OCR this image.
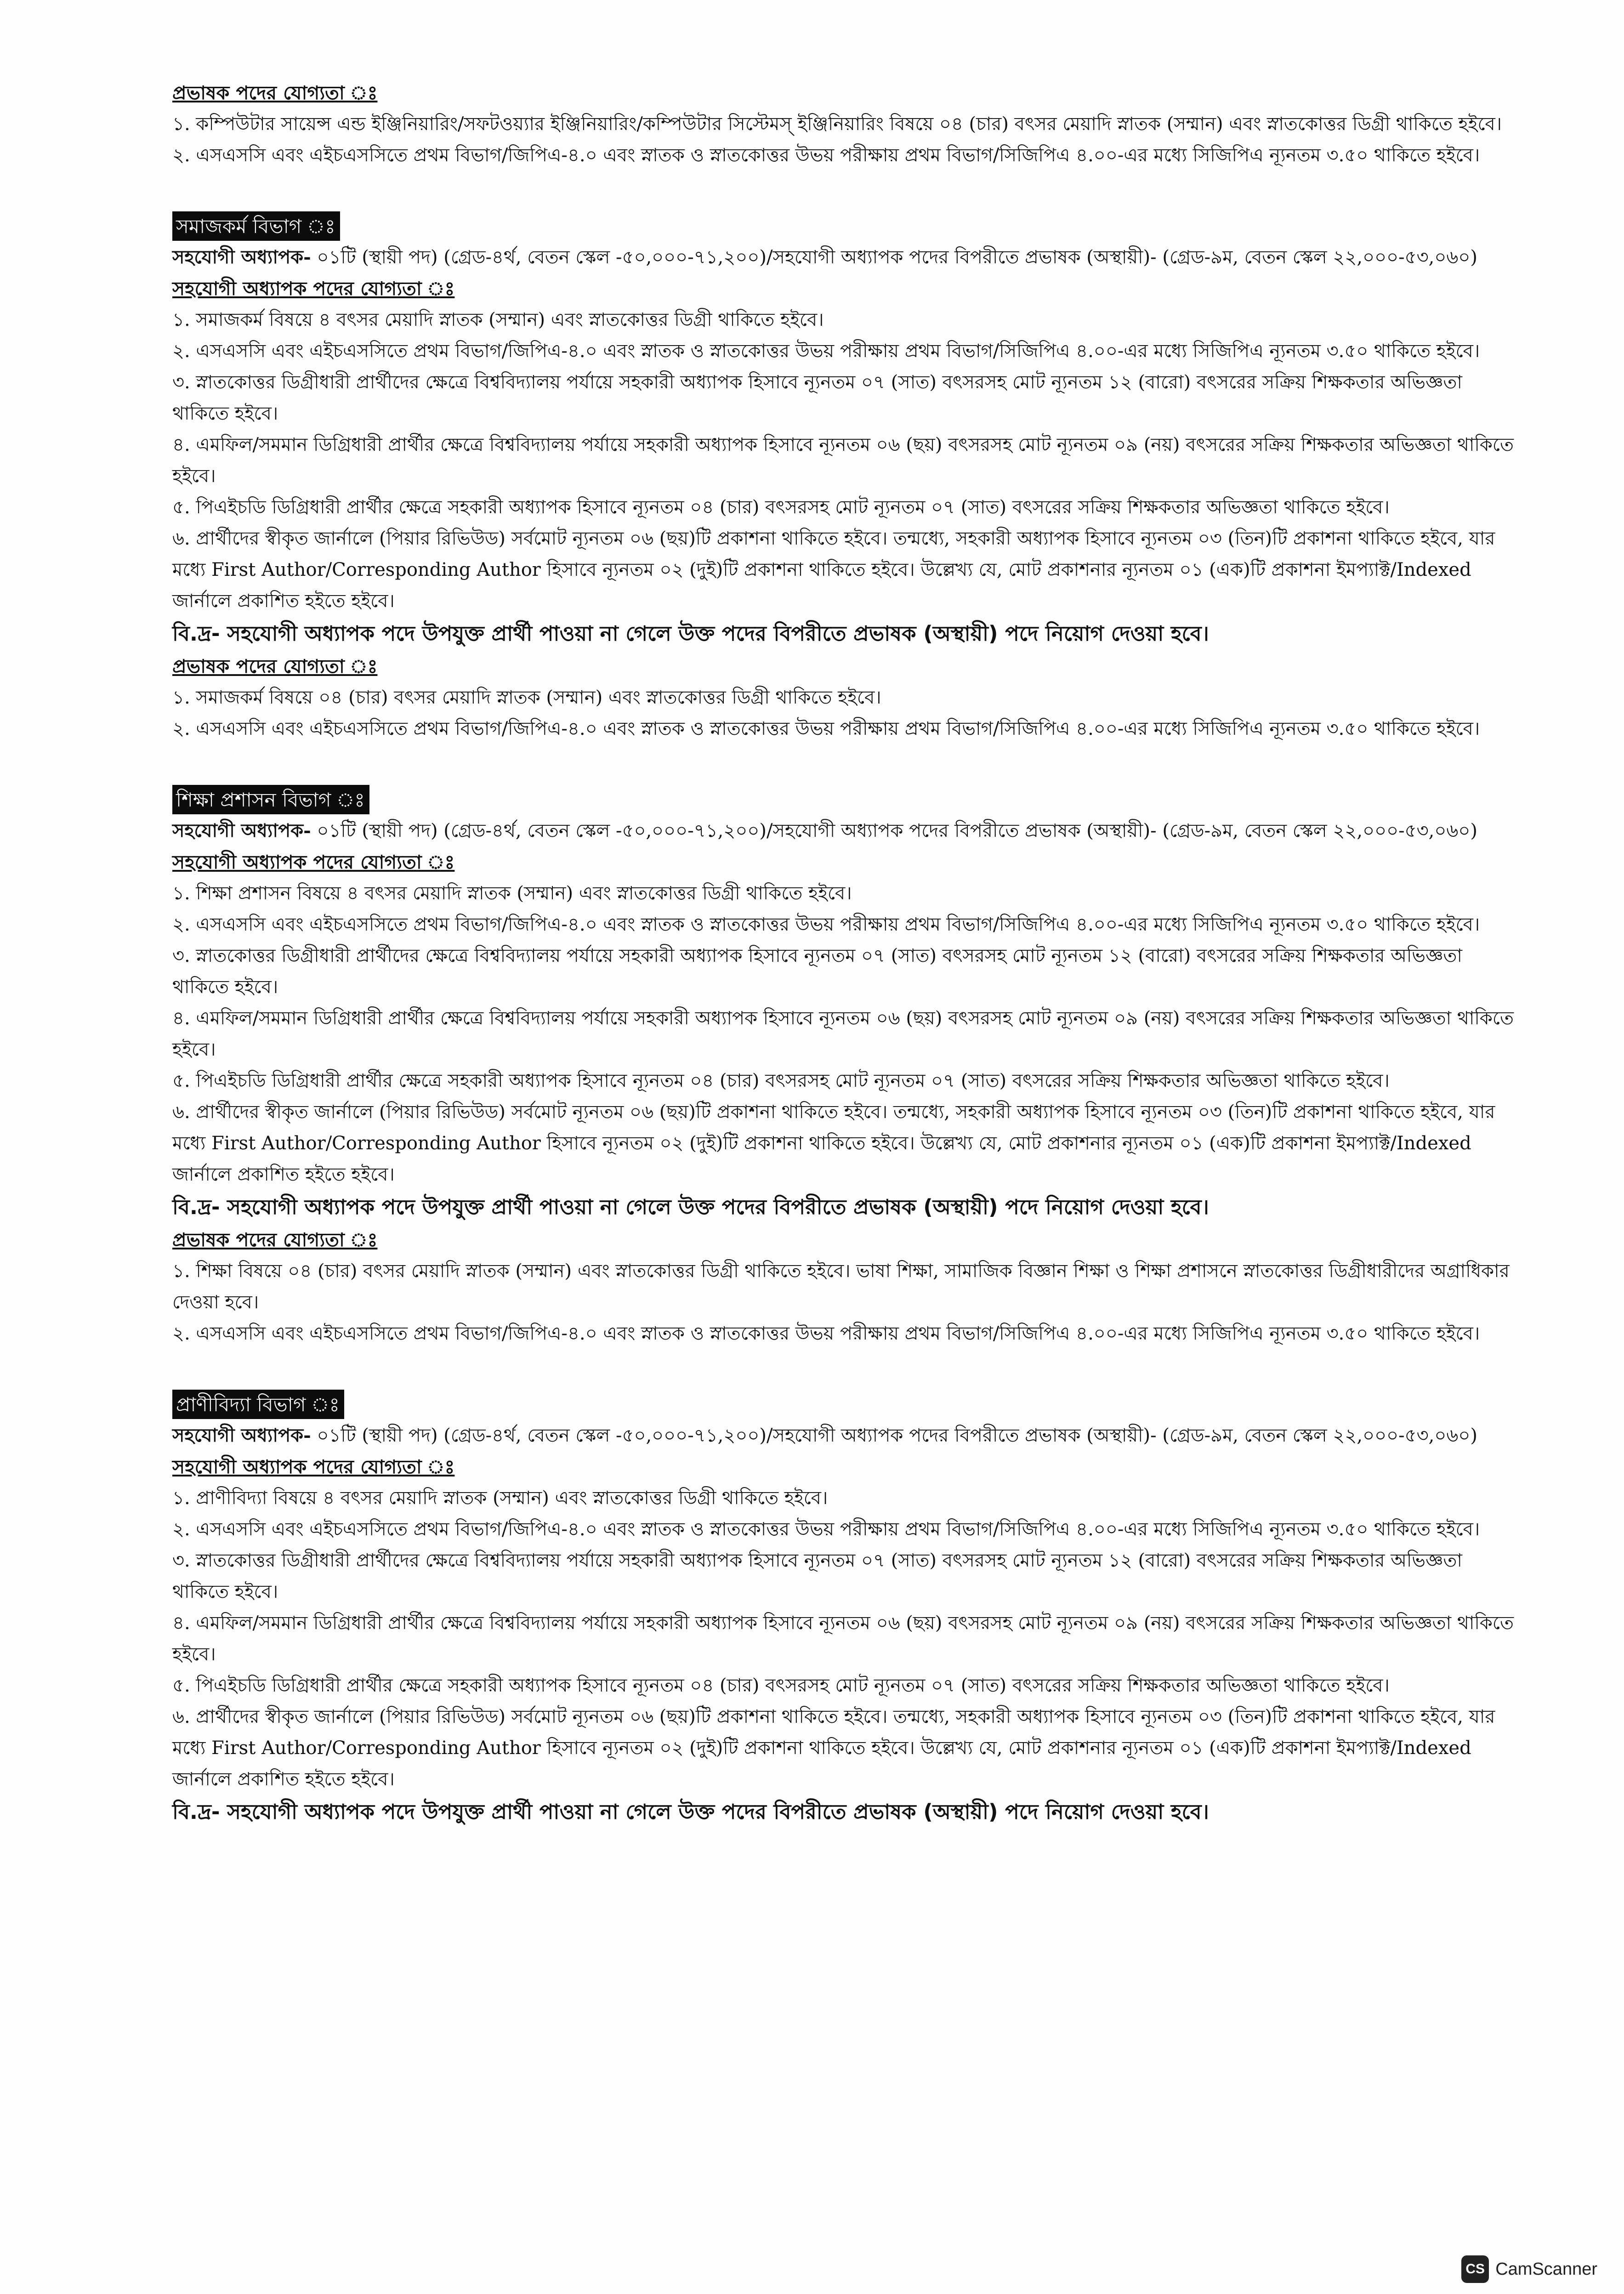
প্রভাষক পদের যোগ্যতা ঃ

১. কম্পিউটার সায়েন্স এন্ড ইঞ্জিনিয়ারিং/সফটওয়্যার ইঞ্জিনিয়ারিং/কম্পিউটার সিস্টেমস্ ইঞ্জিনিয়ারিং বিষয়ে ০৪ (চার) বৎসর মেয়াদি স্নাতক (সম্মান) এবং স্নাতকোত্তর ডিগ্রী থাকিতে হইবে।

২. এসএসসি এবং এইচএসসিতে প্রথম বিভাগ/জিপিএ-৪.০ এবং স্নাতক ও স্নাতকোত্তর উভয় পরীক্ষায় প্রথম বিভাগ/সিজিপিএ ৪.০০-এর মধ্যে সিজিপিএ ন্যূনতম ৩.৫০ থাকিতে হইবে।

সমাজকর্ম বিভাগ ঃ

সহযোগী অধ্যাপক- ০১টি (স্থায়ী পদ) (গ্রেড-৪র্থ, বেতন স্কেল -৫০,০০০-৭১,২০০)/সহযোগী অধ্যাপক পদের বিপরীতে প্রভাষক (অস্থায়ী)- (গ্রেড-৯ম, বেতন স্কেল ২২,০০০-৫৩,০৬০)

সহযোগী অধ্যাপক পদের যোগ্যতা ঃ

১. সমাজকর্ম বিষয়ে ৪ বৎসর মেয়াদি স্নাতক (সম্মান) এবং স্নাতকোত্তর ডিগ্রী থাকিতে হইবে।

২. এসএসসি এবং এইচএসসিতে প্রথম বিভাগ/জিপিএ-৪.০ এবং স্নাতক ও স্নাতকোত্তর উভয় পরীক্ষায় প্রথম বিভাগ/সিজিপিএ ৪.০০-এর মধ্যে সিজিপিএ ন্যূনতম ৩.৫০ থাকিতে হইবে।

৩. স্নাতকোত্তর ডিগ্রীধারী প্রার্থীদের ক্ষেত্রে বিশ্ববিদ্যালয় পর্যায়ে সহকারী অধ্যাপক হিসাবে ন্যূনতম ০৭ (সাত) বৎসরসহ মোট ন্যূনতম ১২ (বারো) বৎসরের সক্রিয় শিক্ষকতার অভিজ্ঞতা থাকিতে হইবে।

৪. এমফিল/সমমান ডিগ্রিধারী প্রার্থীর ক্ষেত্রে বিশ্ববিদ্যালয় পর্যায়ে সহকারী অধ্যাপক হিসাবে ন্যূনতম ০৬ (ছয়) বৎসরসহ মোট ন্যূনতম ০৯ (নয়) বৎসরের সক্রিয় শিক্ষকতার অভিজ্ঞতা থাকিতে হইবে।

৫. পিএইচডি ডিগ্রিধারী প্রার্থীর ক্ষেত্রে সহকারী অধ্যাপক হিসাবে ন্যূনতম ০৪ (চার) বৎসরসহ মোট ন্যূনতম ০৭ (সাত) বৎসরের সক্রিয় শিক্ষকতার অভিজ্ঞতা থাকিতে হইবে।

৬. প্রার্থীদের স্বীকৃত জার্নালে (পিয়ার রিভিউড) সর্বমোট ন্যূনতম ০৬ (ছয়)টি প্রকাশনা থাকিতে হইবে। তন্মধ্যে, সহকারী অধ্যাপক হিসাবে ন্যূনতম ০৩ (তিন)টি প্রকাশনা থাকিতে হইবে, যার মধ্যে First Author/Corresponding Author হিসাবে ন্যূনতম ০২ (দুই)টি প্রকাশনা থাকিতে হইবে। উল্লেখ্য যে, মোট প্রকাশনার ন্যূনতম ০১ (এক)টি প্রকাশনা ইমপ্যাক্ট/Indexed জার্নালে প্রকাশিত হইতে হইবে।

বি.দ্র- সহযোগী অধ্যাপক পদে উপযুক্ত প্রার্থী পাওয়া না গেলে উক্ত পদের বিপরীতে প্রভাষক (অস্থায়ী) পদে নিয়োগ দেওয়া হবে।

প্রভাষক পদের যোগ্যতা ঃ

১. সমাজকর্ম বিষয়ে ০৪ (চার) বৎসর মেয়াদি স্নাতক (সম্মান) এবং স্নাতকোত্তর ডিগ্রী থাকিতে হইবে।

২. এসএসসি এবং এইচএসসিতে প্রথম বিভাগ/জিপিএ-৪.০ এবং স্নাতক ও স্নাতকোত্তর উভয় পরীক্ষায় প্রথম বিভাগ/সিজিপিএ ৪.০০-এর মধ্যে সিজিপিএ ন্যূনতম ৩.৫০ থাকিতে হইবে।

শিক্ষা প্রশাসন বিভাগ ঃ

সহযোগী অধ্যাপক- ০১টি (স্থায়ী পদ) (গ্রেড-৪র্থ, বেতন স্কেল -৫০,০০০-৭১,২০০)/সহযোগী অধ্যাপক পদের বিপরীতে প্রভাষক (অস্থায়ী)- (গ্রেড-৯ম, বেতন স্কেল ২২,০০০-৫৩,০৬০)

সহযোগী অধ্যাপক পদের যোগ্যতা ঃ

১. শিক্ষা প্রশাসন বিষয়ে ৪ বৎসর মেয়াদি স্নাতক (সম্মান) এবং স্নাতকোত্তর ডিগ্রী থাকিতে হইবে।

২. এসএসসি এবং এইচএসসিতে প্রথম বিভাগ/জিপিএ-৪.০ এবং স্নাতক ও স্নাতকোত্তর উভয় পরীক্ষায় প্রথম বিভাগ/সিজিপিএ ৪.০০-এর মধ্যে সিজিপিএ ন্যূনতম ৩.৫০ থাকিতে হইবে।

৩. স্নাতকোত্তর ডিগ্রীধারী প্রার্থীদের ক্ষেত্রে বিশ্ববিদ্যালয় পর্যায়ে সহকারী অধ্যাপক হিসাবে ন্যূনতম ০৭ (সাত) বৎসরসহ মোট ন্যূনতম ১২ (বারো) বৎসরের সক্রিয় শিক্ষকতার অভিজ্ঞতা থাকিতে হইবে।

৪. এমফিল/সমমান ডিগ্রিধারী প্রার্থীর ক্ষেত্রে বিশ্ববিদ্যালয় পর্যায়ে সহকারী অধ্যাপক হিসাবে ন্যূনতম ০৬ (ছয়) বৎসরসহ মোট ন্যূনতম ০৯ (নয়) বৎসরের সক্রিয় শিক্ষকতার অভিজ্ঞতা থাকিতে হইবে।

৫. পিএইচডি ডিগ্রিধারী প্রার্থীর ক্ষেত্রে সহকারী অধ্যাপক হিসাবে ন্যূনতম ০৪ (চার) বৎসরসহ মোট ন্যূনতম ০৭ (সাত) বৎসরের সক্রিয় শিক্ষকতার অভিজ্ঞতা থাকিতে হইবে।

৬. প্রার্থীদের স্বীকৃত জার্নালে (পিয়ার রিভিউড) সর্বমোট ন্যূনতম ০৬ (ছয়)টি প্রকাশনা থাকিতে হইবে। তন্মধ্যে, সহকারী অধ্যাপক হিসাবে ন্যূনতম ০৩ (তিন)টি প্রকাশনা থাকিতে হইবে, যার মধ্যে First Author/Corresponding Author হিসাবে ন্যূনতম ০২ (দুই)টি প্রকাশনা থাকিতে হইবে। উল্লেখ্য যে, মোট প্রকাশনার ন্যূনতম ০১ (এক)টি প্রকাশনা ইমপ্যাক্ট/Indexed জার্নালে প্রকাশিত হইতে হইবে।

বি.দ্র- সহযোগী অধ্যাপক পদে উপযুক্ত প্রার্থী পাওয়া না গেলে উক্ত পদের বিপরীতে প্রভাষক (অস্থায়ী) পদে নিয়োগ দেওয়া হবে।

প্রভাষক পদের যোগ্যতা ঃ

১. শিক্ষা বিষয়ে ০৪ (চার) বৎসর মেয়াদি স্নাতক (সম্মান) এবং স্নাতকোত্তর ডিগ্রী থাকিতে হইবে। ভাষা শিক্ষা, সামাজিক বিজ্ঞান শিক্ষা ও শিক্ষা প্রশাসনে স্নাতকোত্তর ডিগ্রীধারীদের অগ্রাধিকার দেওয়া হবে।

২. এসএসসি এবং এইচএসসিতে প্রথম বিভাগ/জিপিএ-৪.০ এবং স্নাতক ও স্নাতকোত্তর উভয় পরীক্ষায় প্রথম বিভাগ/সিজিপিএ ৪.০০-এর মধ্যে সিজিপিএ ন্যূনতম ৩.৫০ থাকিতে হইবে।

প্রাণীবিদ্যা বিভাগ ঃ

সহযোগী অধ্যাপক- ০১টি (স্থায়ী পদ) (গ্রেড-৪র্থ, বেতন স্কেল -৫০,০০০-৭১,২০০)/সহযোগী অধ্যাপক পদের বিপরীতে প্রভাষক (অস্থায়ী)- (গ্রেড-৯ম, বেতন স্কেল ২২,০০০-৫৩,০৬০)

সহযোগী অধ্যাপক পদের যোগ্যতা ঃ

১. প্রাণীবিদ্যা বিষয়ে ৪ বৎসর মেয়াদি স্নাতক (সম্মান) এবং স্নাতকোত্তর ডিগ্রী থাকিতে হইবে।

২. এসএসসি এবং এইচএসসিতে প্রথম বিভাগ/জিপিএ-৪.০ এবং স্নাতক ও স্নাতকোত্তর উভয় পরীক্ষায় প্রথম বিভাগ/সিজিপিএ ৪.০০-এর মধ্যে সিজিপিএ ন্যূনতম ৩.৫০ থাকিতে হইবে।

৩. স্নাতকোত্তর ডিগ্রীধারী প্রার্থীদের ক্ষেত্রে বিশ্ববিদ্যালয় পর্যায়ে সহকারী অধ্যাপক হিসাবে ন্যূনতম ০৭ (সাত) বৎসরসহ মোট ন্যূনতম ১২ (বারো) বৎসরের সক্রিয় শিক্ষকতার অভিজ্ঞতা থাকিতে হইবে।

৪. এমফিল/সমমান ডিগ্রিধারী প্রার্থীর ক্ষেত্রে বিশ্ববিদ্যালয় পর্যায়ে সহকারী অধ্যাপক হিসাবে ন্যূনতম ০৬ (ছয়) বৎসরসহ মোট ন্যূনতম ০৯ (নয়) বৎসরের সক্রিয় শিক্ষকতার অভিজ্ঞতা থাকিতে হইবে।

৫. পিএইচডি ডিগ্রিধারী প্রার্থীর ক্ষেত্রে সহকারী অধ্যাপক হিসাবে ন্যূনতম ০৪ (চার) বৎসরসহ মোট ন্যূনতম ০৭ (সাত) বৎসরের সক্রিয় শিক্ষকতার অভিজ্ঞতা থাকিতে হইবে।

৬. প্রার্থীদের স্বীকৃত জার্নালে (পিয়ার রিভিউড) সর্বমোট ন্যূনতম ০৬ (ছয়)টি প্রকাশনা থাকিতে হইবে। তন্মধ্যে, সহকারী অধ্যাপক হিসাবে ন্যূনতম ০৩ (তিন)টি প্রকাশনা থাকিতে হইবে, যার মধ্যে First Author/Corresponding Author হিসাবে ন্যূনতম ০২ (দুই)টি প্রকাশনা থাকিতে হইবে। উল্লেখ্য যে, মোট প্রকাশনার ন্যূনতম ০১ (এক)টি প্রকাশনা ইমপ্যাক্ট/Indexed জার্নালে প্রকাশিত হইতে হইবে।

বি.দ্র- সহযোগী অধ্যাপক পদে উপযুক্ত প্রার্থী পাওয়া না গেলে উক্ত পদের বিপরীতে প্রভাষক (অস্থায়ী) পদে নিয়োগ দেওয়া হবে।

CS CamScanner
